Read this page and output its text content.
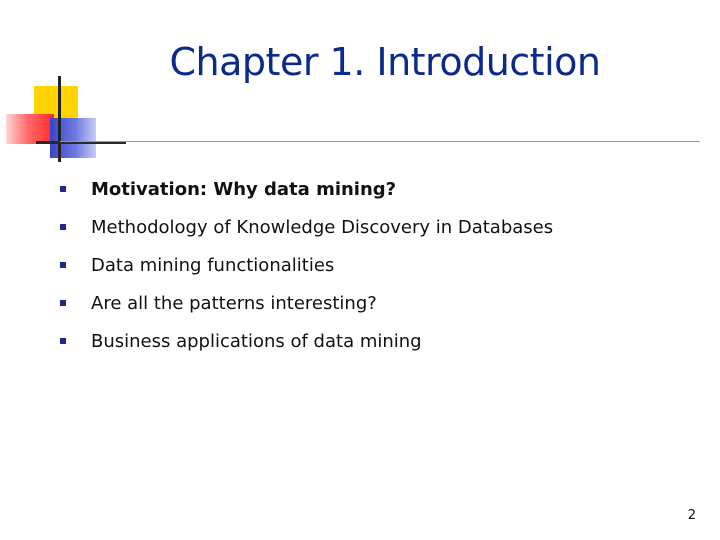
Chapter 1. Introduction
Motivation: Why data mining?
Methodology of Knowledge Discovery in Databases
Data mining functionalities
Are all the patterns interesting?
Business applications of data mining
2
